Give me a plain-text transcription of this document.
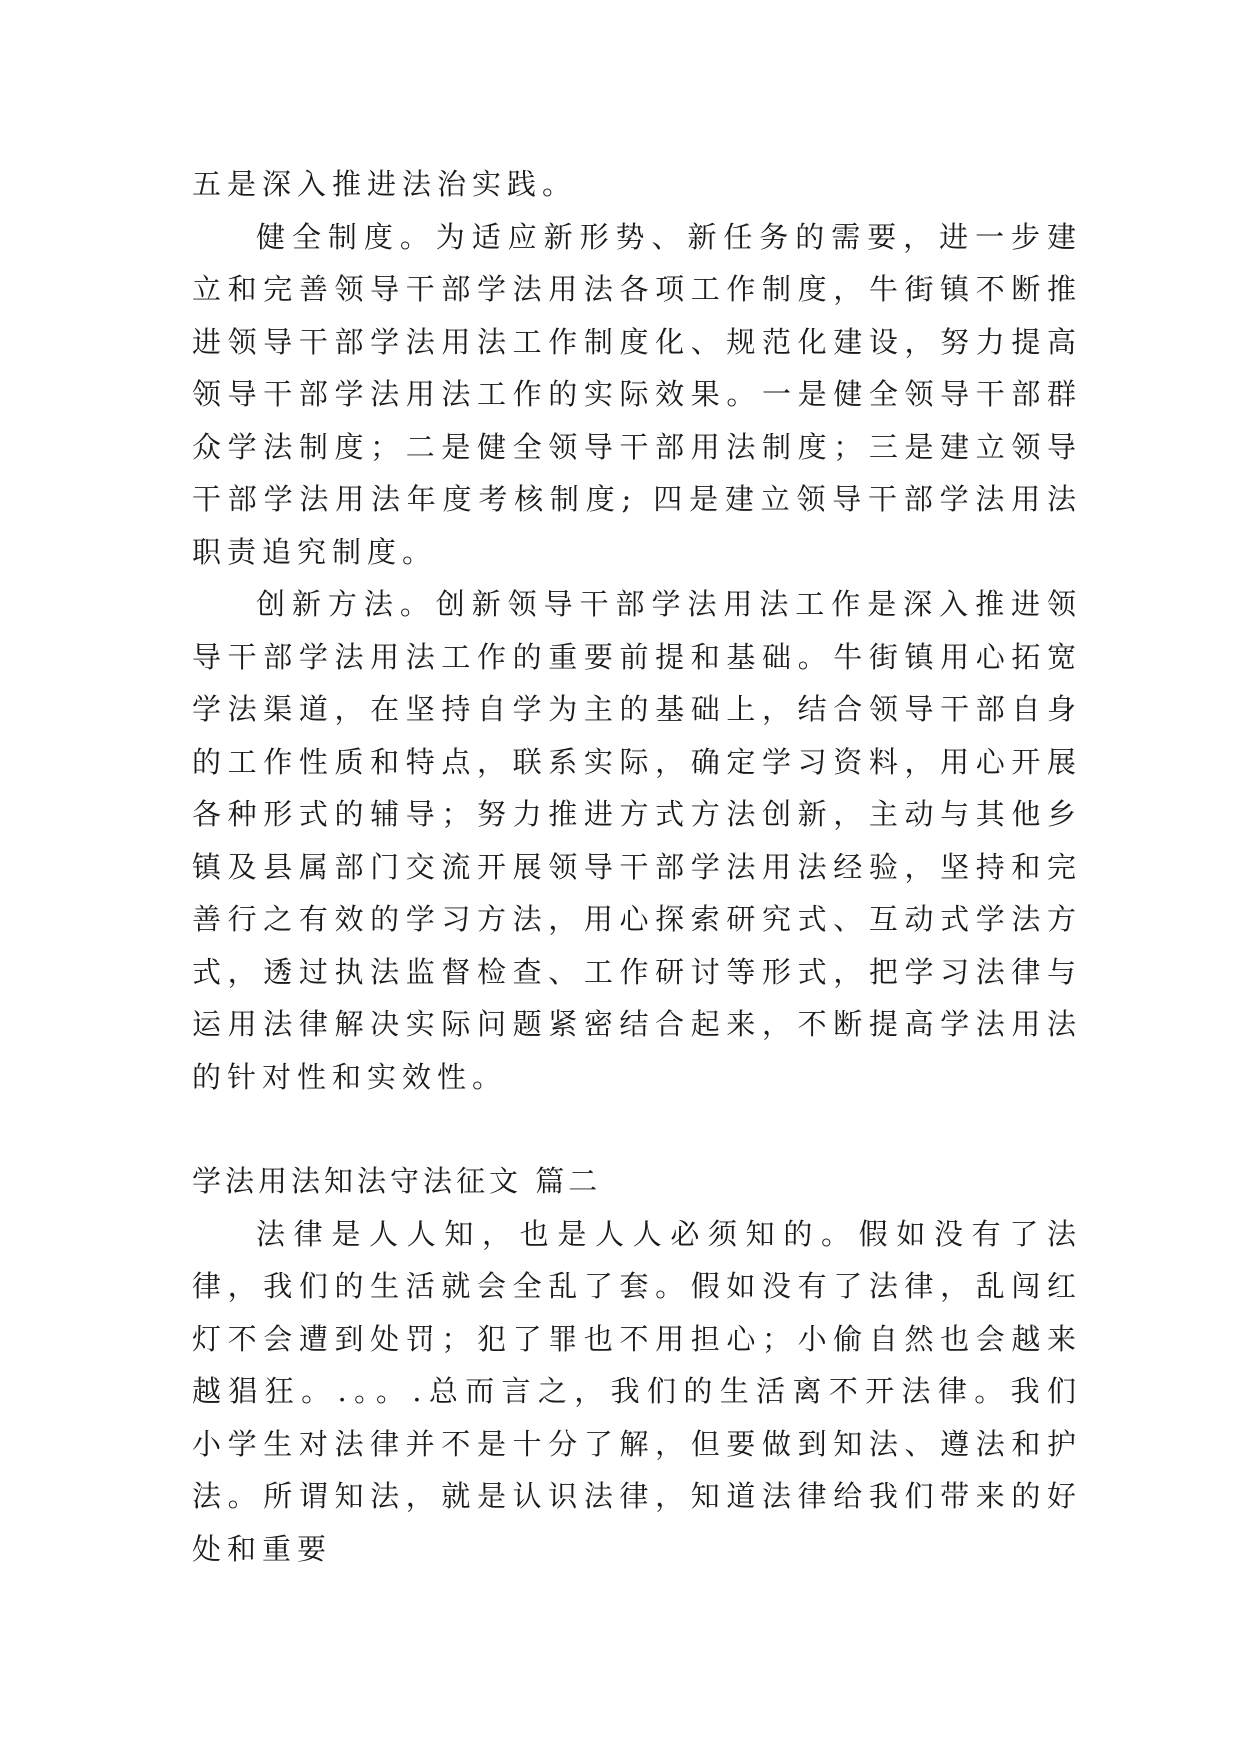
五是深入推进法治实践。

健全制度。为适应新形势、新任务的需要，进一步建立和完善领导干部学法用法各项工作制度，牛街镇不断推进领导干部学法用法工作制度化、规范化建设，努力提高领导干部学法用法工作的实际效果。一是健全领导干部群众学法制度；二是健全领导干部用法制度；三是建立领导干部学法用法年度考核制度; 四是建立领导干部学法用法职责追究制度。

创新方法。创新领导干部学法用法工作是深入推进领导干部学法用法工作的重要前提和基础。牛街镇用心拓宽学法渠道，在坚持自学为主的基础上，结合领导干部自身的工作性质和特点，联系实际，确定学习资料，用心开展各种形式的辅导；努力推进方式方法创新，主动与其他乡镇及县属部门交流开展领导干部学法用法经验，坚持和完善行之有效的学习方法，用心探索研究式、互动式学法方式，透过执法监督检查、工作研讨等形式，把学习法律与运用法律解决实际问题紧密结合起来，不断提高学法用法的针对性和实效性。

学法用法知法守法征文 篇二

法律是人人知，也是人人必须知的。假如没有了法律，我们的生活就会全乱了套。假如没有了法律，乱闯红灯不会遭到处罚；犯了罪也不用担心；小偷自然也会越来越猖狂。.。。.总而言之，我们的生活离不开法律。我们小学生对法律并不是十分了解，但要做到知法、遵法和护法。所谓知法，就是认识法律，知道法律给我们带来的好处和重要
